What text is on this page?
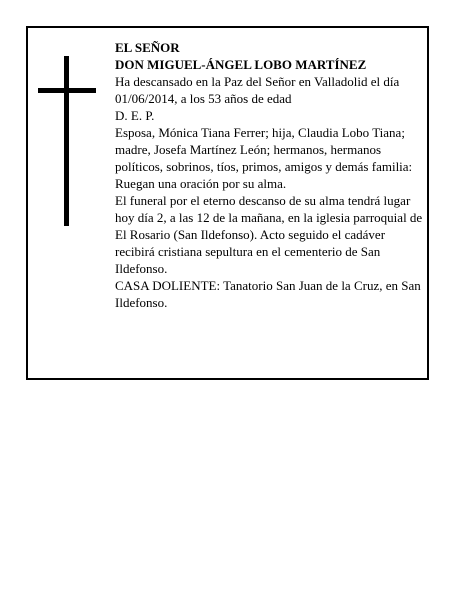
EL SEÑOR
DON MIGUEL-ÁNGEL LOBO MARTÍNEZ
Ha descansado en la Paz del Señor en Valladolid el día 01/06/2014, a los 53 años de edad
D. E. P.
Esposa, Mónica Tiana Ferrer; hija, Claudia Lobo Tiana; madre, Josefa Martínez León; hermanos, hermanos políticos, sobrinos, tíos, primos, amigos y demás familia:
Ruegan una oración por su alma.
El funeral por el eterno descanso de su alma tendrá lugar hoy día 2, a las 12 de la mañana, en la iglesia parroquial de El Rosario (San Ildefonso). Acto seguido el cadáver recibirá cristiana sepultura en el cementerio de San Ildefonso.
CASA DOLIENTE: Tanatorio San Juan de la Cruz, en San Ildefonso.
